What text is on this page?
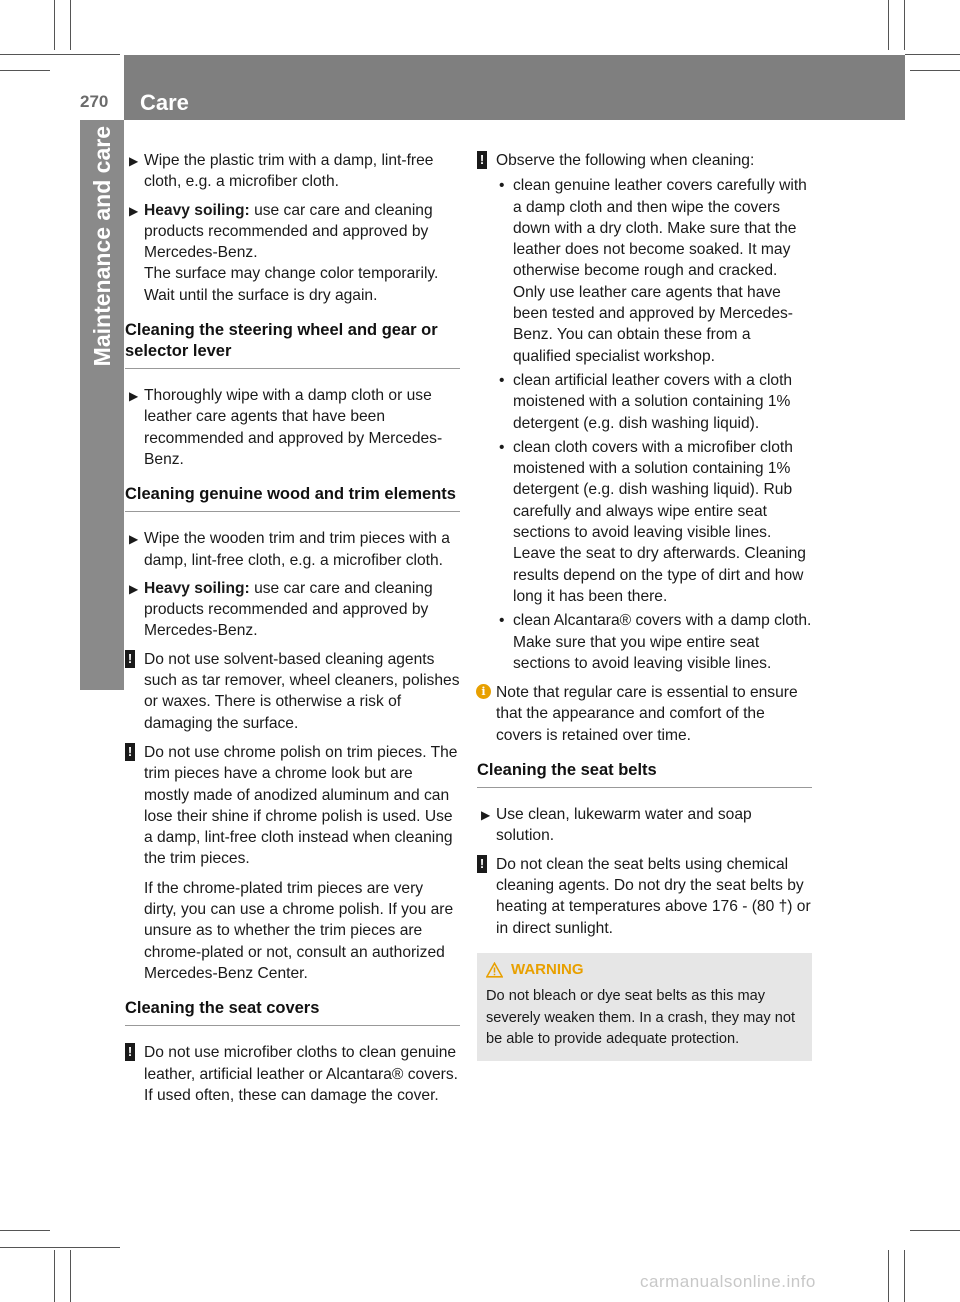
270 Care
Maintenance and care ▶ Wipe the plastic trim with a damp, lint-free cloth, e.g. a microfiber cloth.
▶ Heavy soiling: use car care and cleaning products recommended and approved by Mercedes-Benz.
The surface may change color temporarily. Wait until the surface is dry again.
Cleaning the steering wheel and gear or selector lever
▶ Thoroughly wipe with a damp cloth or use leather care agents that have been recommended and approved by Mercedes-Benz.
Cleaning genuine wood and trim elements
▶ Wipe the wooden trim and trim pieces with a damp, lint-free cloth, e.g. a microfiber cloth.
▶ Heavy soiling: use car care and cleaning products recommended and approved by Mercedes-Benz.
! Do not use solvent-based cleaning agents such as tar remover, wheel cleaners, polishes or waxes. There is otherwise a risk of damaging the surface.
! Do not use chrome polish on trim pieces. The trim pieces have a chrome look but are mostly made of anodized aluminum and can lose their shine if chrome polish is used. Use a damp, lint-free cloth instead when cleaning the trim pieces.

If the chrome-plated trim pieces are very dirty, you can use a chrome polish. If you are unsure as to whether the trim pieces are chrome-plated or not, consult an authorized Mercedes-Benz Center.

Cleaning the seat covers
! Do not use microfiber cloths to clean genuine leather, artificial leather or Alcantara® covers. If used often, these can damage the cover.
! Observe the following when cleaning:
• clean genuine leather covers carefully with a damp cloth and then wipe the covers down with a dry cloth. Make sure that the leather does not become soaked. It may otherwise become rough and cracked. Only use leather care agents that have been tested and approved by Mercedes-Benz. You can obtain these from a qualified specialist workshop.
• clean artificial leather covers with a cloth moistened with a solution containing 1% detergent (e.g. dish washing liquid).
• clean cloth covers with a microfiber cloth moistened with a solution containing 1% detergent (e.g. dish washing liquid). Rub carefully and always wipe entire seat sections to avoid leaving visible lines. Leave the seat to dry afterwards. Cleaning results depend on the type of dirt and how long it has been there.
• clean Alcantara® covers with a damp cloth. Make sure that you wipe entire seat sections to avoid leaving visible lines.
i Note that regular care is essential to ensure that the appearance and comfort of the covers is retained over time.
Cleaning the seat belts
▶ Use clean, lukewarm water and soap solution.
! Do not clean the seat belts using chemical cleaning agents. Do not dry the seat belts by heating at temperatures above 176 ‑ (80 †) or in direct sunlight.
WARNING
Do not bleach or dye seat belts as this may severely weaken them. In a crash, they may not be able to provide adequate protection.
carmanualsonline.info
